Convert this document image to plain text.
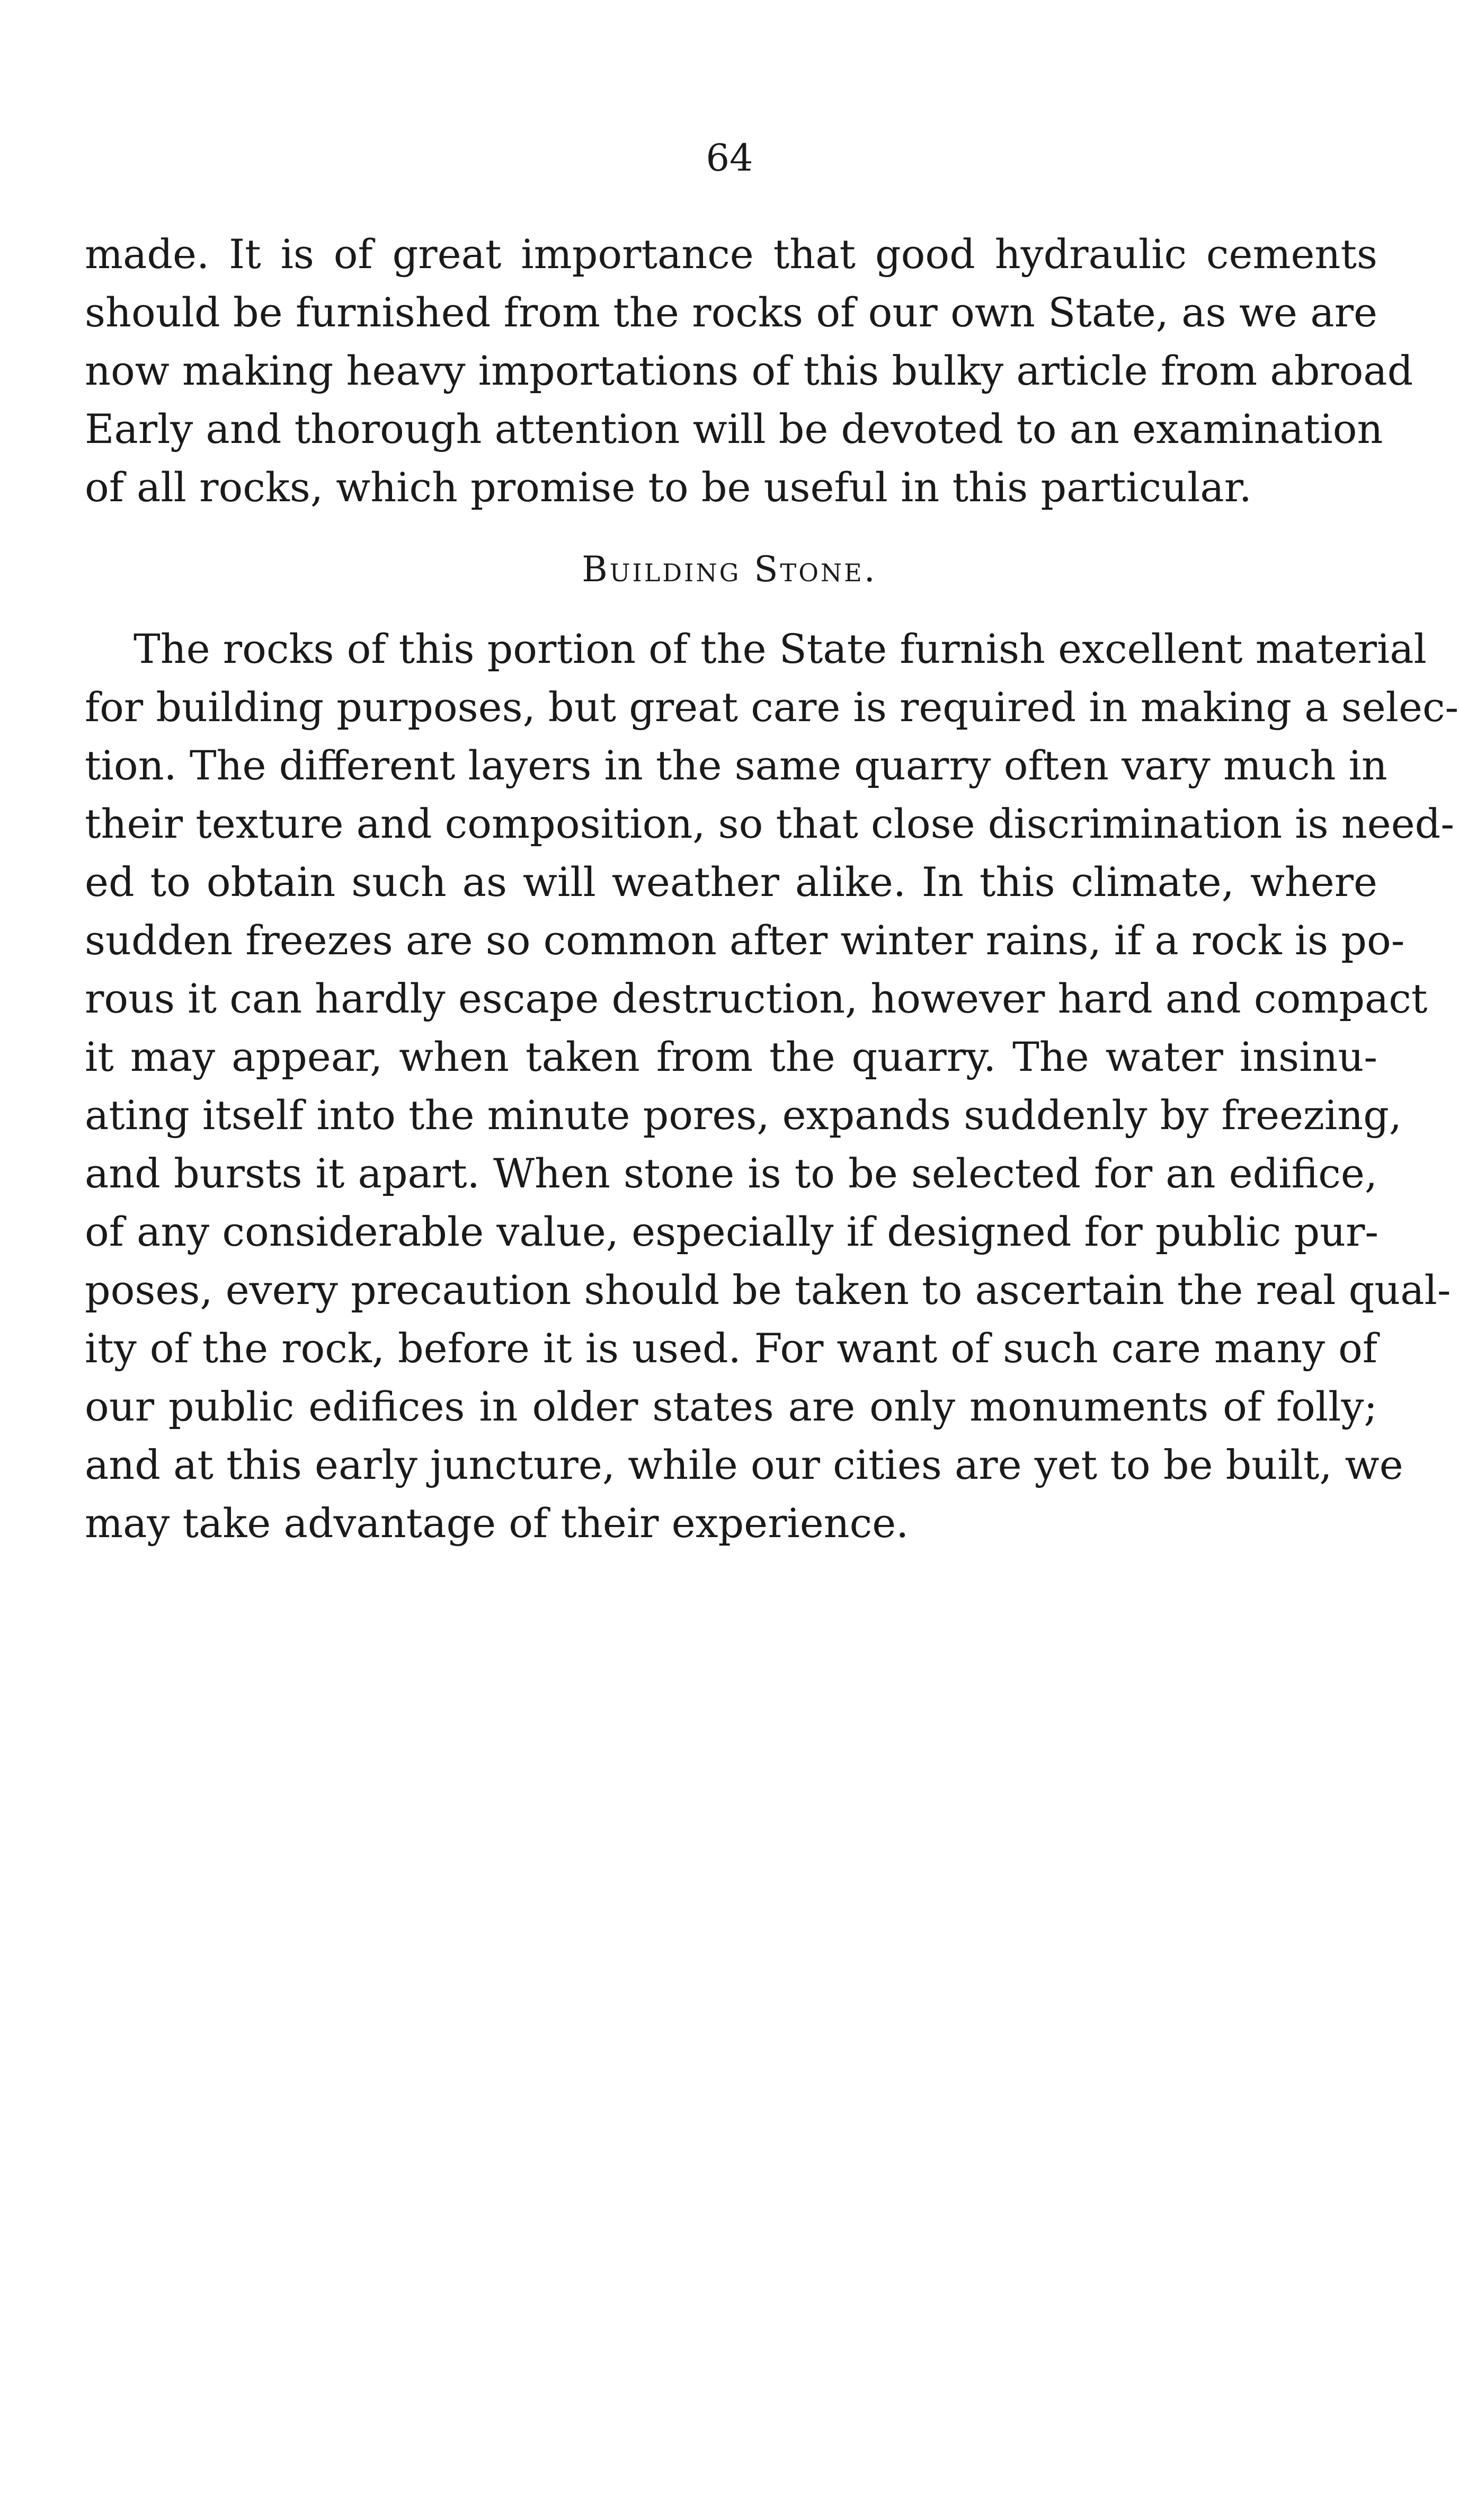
64
made. It is of great importance that good hydraulic cements
should be furnished from the rocks of our own State, as we are
now making heavy importations of this bulky article from abroad
Early and thorough attention will be devoted to an examination
of all rocks, which promise to be useful in this particular.
Building Stone.
The rocks of this portion of the State furnish excellent material
for building purposes, but great care is required in making a selec-
tion. The different layers in the same quarry often vary much in
their texture and composition, so that close discrimination is need-
ed to obtain such as will weather alike. In this climate, where
sudden freezes are so common after winter rains, if a rock is po-
rous it can hardly escape destruction, however hard and compact
it may appear, when taken from the quarry. The water insinu-
ating itself into the minute pores, expands suddenly by freezing,
and bursts it apart. When stone is to be selected for an edifice,
of any considerable value, especially if designed for public pur-
poses, every precaution should be taken to ascertain the real qual-
ity of the rock, before it is used. For want of such care many of
our public edifices in older states are only monuments of folly;
and at this early juncture, while our cities are yet to be built, we
may take advantage of their experience.
